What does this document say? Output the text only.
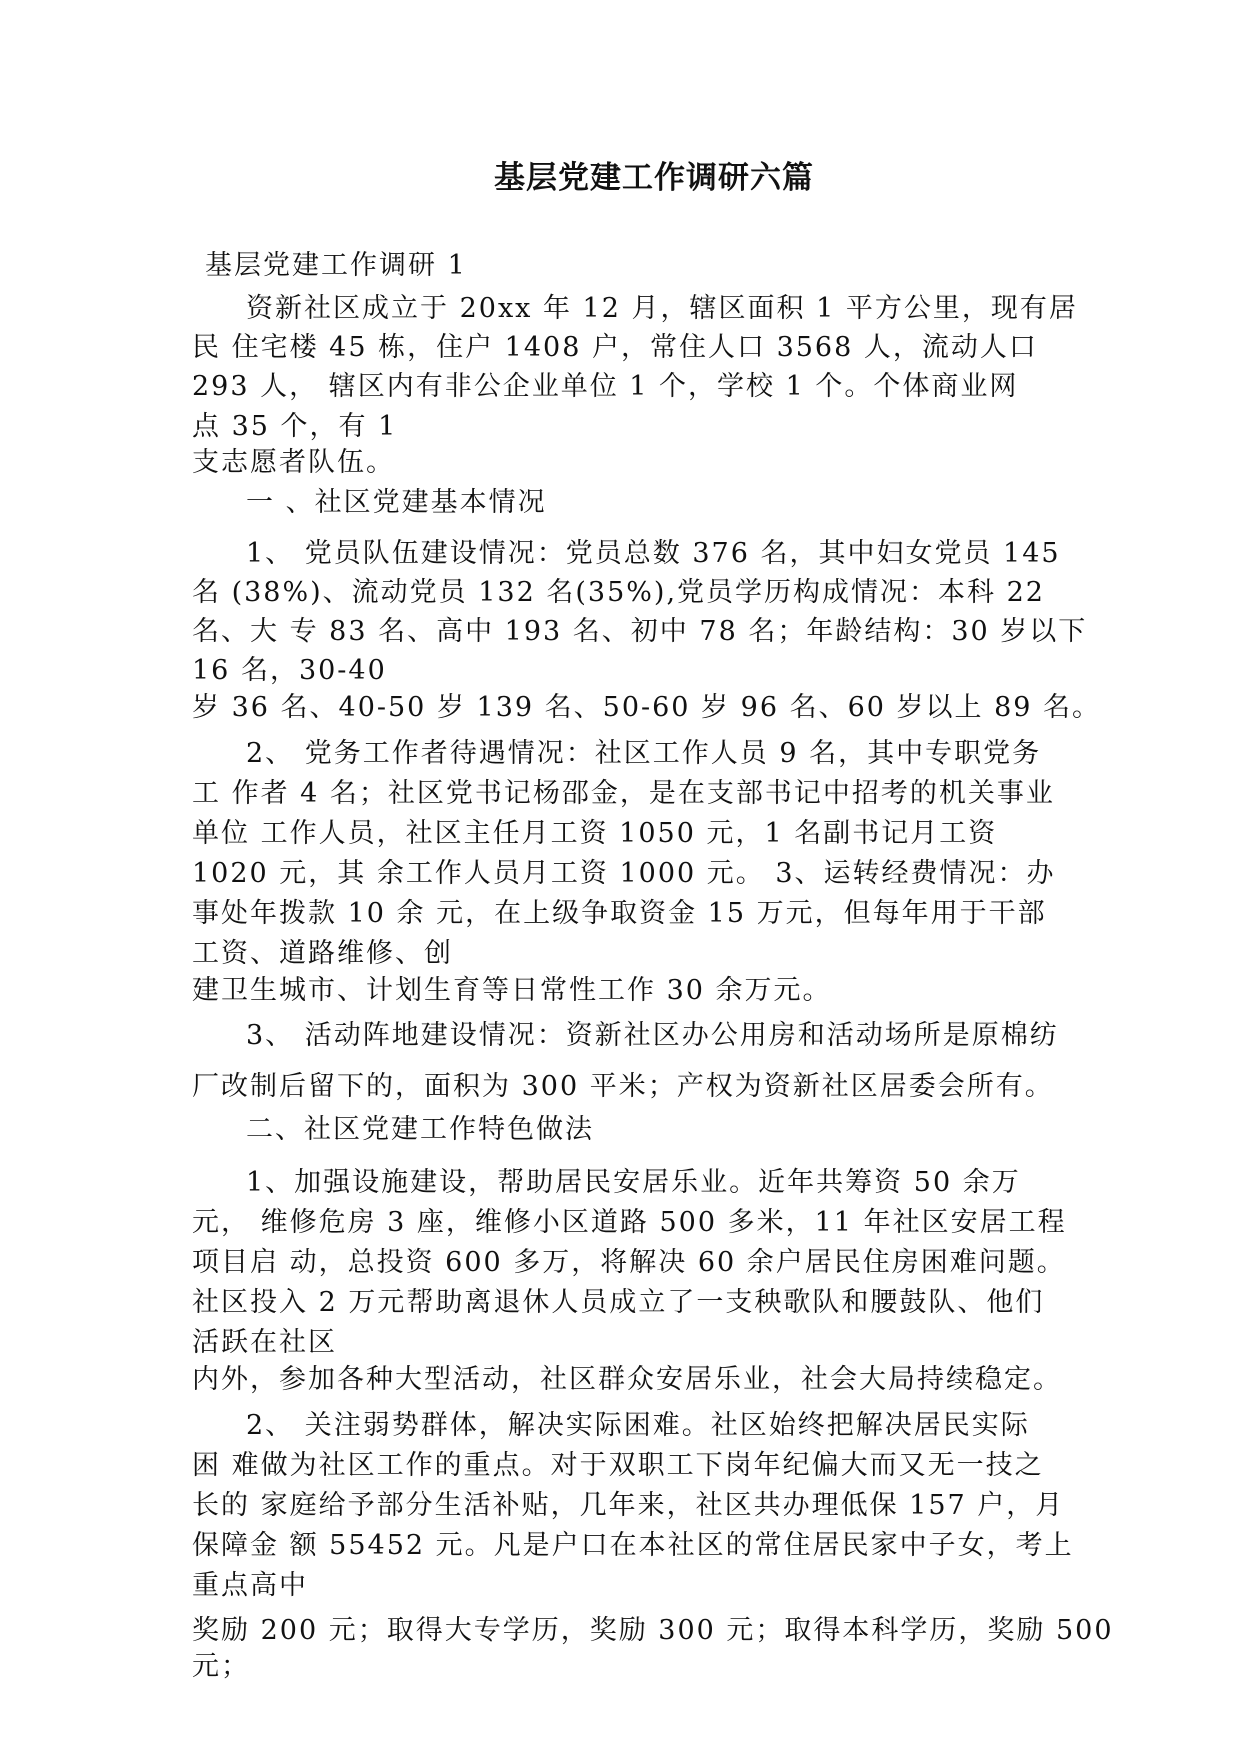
基层党建工作调研六篇
基层党建工作调研 1
资新社区成立于 20xx 年 12 月，辖区面积 1 平方公里，现有居
民 住宅楼 45 栋，住户 1408 户，常住人口 3568 人，流动人口
293 人， 辖区内有非公企业单位 1 个，学校 1 个。个体商业网
点 35 个，有 1
支志愿者队伍。
一 、社区党建基本情况
1、 党员队伍建设情况：党员总数 376 名，其中妇女党员 145
名 (38%)、流动党员 132 名(35%),党员学历构成情况：本科 22
名、大 专 83 名、高中 193 名、初中 78 名；年龄结构：30 岁以下
16 名，30-40
岁 36 名、40-50 岁 139 名、50-60 岁 96 名、60 岁以上 89 名。
2、 党务工作者待遇情况：社区工作人员 9 名，其中专职党务
工 作者 4 名；社区党书记杨邵金，是在支部书记中招考的机关事业
单位 工作人员，社区主任月工资 1050 元，1 名副书记月工资
1020 元，其 余工作人员月工资 1000 元。 3、运转经费情况：办
事处年拨款 10 余 元，在上级争取资金 15 万元，但每年用于干部
工资、道路维修、创
建卫生城市、计划生育等日常性工作 30 余万元。
3、 活动阵地建设情况：资新社区办公用房和活动场所是原棉纺
厂改制后留下的，面积为 300 平米；产权为资新社区居委会所有。
二、社区党建工作特色做法
1、加强设施建设，帮助居民安居乐业。近年共筹资 50 余万
元， 维修危房 3 座，维修小区道路 500 多米，11 年社区安居工程
项目启 动，总投资 600 多万，将解决 60 余户居民住房困难问题。
社区投入 2 万元帮助离退休人员成立了一支秧歌队和腰鼓队、他们
活跃在社区
内外，参加各种大型活动，社区群众安居乐业，社会大局持续稳定。
2、 关注弱势群体，解决实际困难。社区始终把解决居民实际
困 难做为社区工作的重点。对于双职工下岗年纪偏大而又无一技之
长的 家庭给予部分生活补贴，几年来，社区共办理低保 157 户，月
保障金 额 55452 元。凡是户口在本社区的常住居民家中子女，考上
重点高中
奖励 200 元；取得大专学历，奖励 300 元；取得本科学历，奖励 500
元；
